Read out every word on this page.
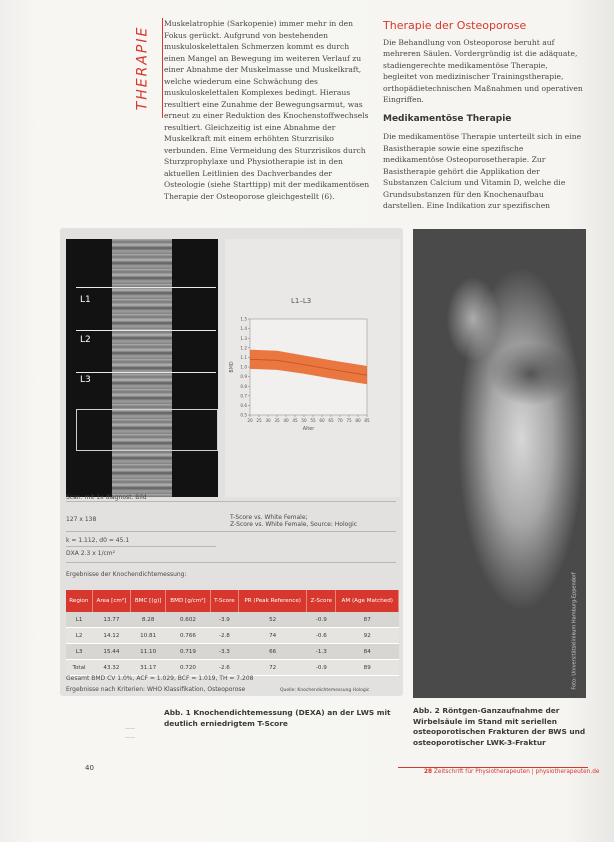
THERAPIE

Muskelatrophie (Sarkopenie) immer mehr in den Fokus gerückt. Aufgrund von bestehenden muskuloskelettalen Schmerzen kommt es durch einen Mangel an Bewegung im weiteren Verlauf zu einer Abnahme der Muskelmasse und Muskelkraft, welche wiederum eine Schwächung des muskuloskelettalen Komplexes bedingt. Hieraus resultiert eine Zunahme der Bewegungsarmut, was erneut zu einer Reduktion des Knochenstoffwechsels resultiert. Gleichzeitig ist eine Abnahme der Muskelkraft mit einem erhöhten Sturzrisiko verbunden. Eine Vermeidung des Sturzrisikos durch Sturzprophylaxe und Physiotherapie ist in den aktuellen Leitlinien des Dachverbandes der Osteologie (siehe Starttipp) mit der medikamentösen Therapie der Osteoporose gleichgestellt (6).

Therapie der Osteoporose

Die Behandlung von Osteoporose beruht auf mehreren Säulen. Vordergründig ist die adäquate, stadiengerechte medikamentöse Therapie, begleitet von medizinischer Trainingstherapie, orthopädietechnischen Maßnahmen und operativen Eingriffen.

Medikamentöse Therapie

Die medikamentöse Therapie unterteilt sich in eine Basistherapie sowie eine spezifische medikamentöse Osteoporosetherapie. Zur Basistherapie gehört die Applikation der Substanzen Calcium und Vitamin D, welche die Grundsubstanzen für den Knochenaufbau darstellen. Eine Indikation zur spezifischen

L1
L2
L3
L1–L3
0.5
0.6
0.7
0.8
0.9
1.0
1.1
1.2
1.3
1.4
1.5
20 25 30 35 40 45 50 55 60 65 70 75 80 85
Alter
BMD
Scan: mit 1x diagnost. Bild
T-Score vs. White Female;
Z-Score vs. White Female, Source: Hologic
127 x 138
k = 1.112, d0 = 45.1
DXA 2.3 x 1/cm²
Ergebnisse der Knochendichtemessung:
Region	Area [cm²]	BMC [(g)]	BMD [g/cm²]	T-Score	PR (Peak Reference)	Z-Score	AM (Age Matched)
L1	13.77	8.28	0.602	-3.9	52	-0.9	87
L2	14.12	10.81	0.766	-2.8	74	-0.6	92
L3	15.44	11.10	0.719	-3.3	66	-1.3	84
Total	43.32	31.17	0.720	-2.6	72	-0.9	89
Gesamt BMD CV 1.0%, ACF = 1.029, BCF = 1.019, TH = 7.208
Ergebnisse nach Kriterien: WHO Klassifikation, Osteoporose	Quelle: Knochendichtemessung Hologic
Abb. 1 Knochendichtemessung (DEXA) an der LWS mit deutlich erniedrigtem T-Score
Foto: Universitätsklinikum Hamburg-Eppendorf
Abb. 2 Röntgen-Ganzaufnahme der Wirbelsäule im Stand mit seriellen osteoporotischen Frakturen der BWS und osteoporotischer LWK-3-Fraktur
40	28 Zeitschrift für Physiotherapeuten | physiotherapeuten.de
